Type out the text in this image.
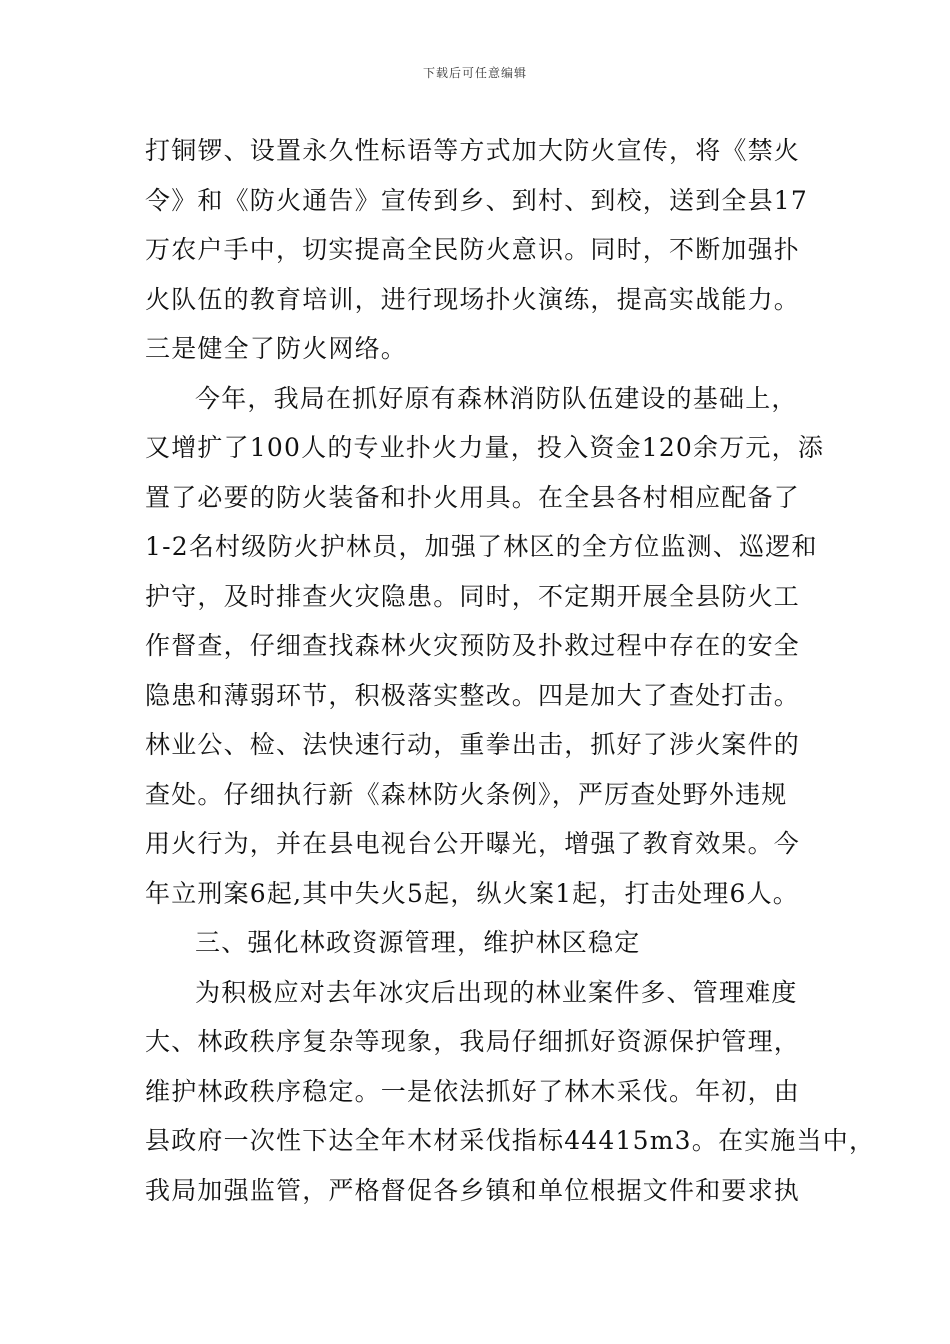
下载后可任意编辑
打铜锣、设置永久性标语等方式加大防火宣传，将《禁火
令》和《防火通告》宣传到乡、到村、到校，送到全县17
万农户手中，切实提高全民防火意识。同时，不断加强扑
火队伍的教育培训，进行现场扑火演练，提高实战能力。
三是健全了防火网络。
今年，我局在抓好原有森林消防队伍建设的基础上，
又增扩了100人的专业扑火力量，投入资金120余万元，添
置了必要的防火装备和扑火用具。在全县各村相应配备了
1-2名村级防火护林员，加强了林区的全方位监测、巡逻和
护守，及时排查火灾隐患。同时，不定期开展全县防火工
作督查，仔细查找森林火灾预防及扑救过程中存在的安全
隐患和薄弱环节，积极落实整改。四是加大了查处打击。
林业公、检、法快速行动，重拳出击，抓好了涉火案件的
查处。仔细执行新《森林防火条例》，严厉查处野外违规
用火行为，并在县电视台公开曝光，增强了教育效果。今
年立刑案6起,其中失火5起，纵火案1起，打击处理6人。
三、强化林政资源管理，维护林区稳定
为积极应对去年冰灾后出现的林业案件多、管理难度
大、林政秩序复杂等现象，我局仔细抓好资源保护管理，
维护林政秩序稳定。一是依法抓好了林木采伐。年初，由
县政府一次性下达全年木材采伐指标44415m3。在实施当中，
我局加强监管，严格督促各乡镇和单位根据文件和要求执
